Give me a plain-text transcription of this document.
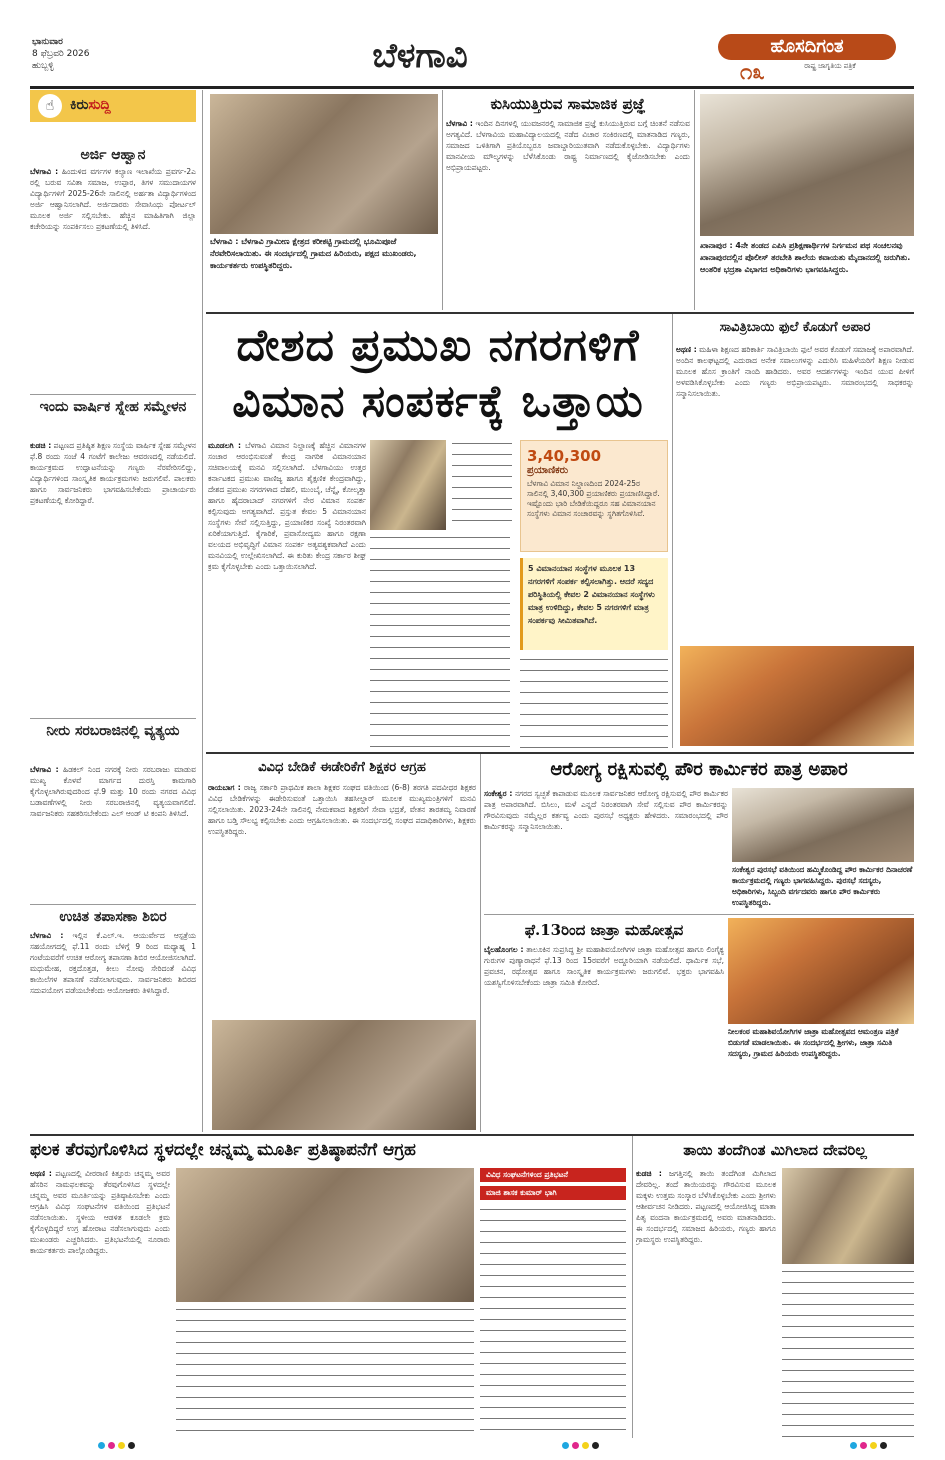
ಭಾನುವಾರ
8 ಫೆಬ್ರವರಿ 2026
ಹುಬ್ಬಳ್ಳಿ	ಬೆಳಗಾವಿ	ಹೊಸದಿಗಂತ
೧೩	ರಾಷ್ಟ್ರ ಜಾಗೃತಿಯ ಪತ್ರಿಕೆ
☝	ಕಿರುಸುದ್ದಿ
ಅರ್ಜಿ ಆಹ್ವಾನ
ಬೆಳಗಾವಿ : ಹಿಂದುಳಿದ ವರ್ಗಗಳ ಕಲ್ಯಾಣ ಇಲಾಖೆಯ ಪ್ರವರ್ಗ-2ಎ ರಲ್ಲಿ ಬರುವ ಸವಿತಾ ಸಮಾಜ, ಉಪ್ಪಾರ, ತಿಗಳ ಸಮುದಾಯಗಳ ವಿದ್ಯಾರ್ಥಿಗಳಿಗೆ 2025-26ನೇ ಸಾಲಿನಲ್ಲಿ ಅರ್ಹತಾ ವಿದ್ಯಾರ್ಥಿಗಳಿಂದ ಅರ್ಜಿ ಆಹ್ವಾನಿಸಲಾಗಿದೆ. ಅರ್ಜಿದಾರರು ಸೇವಾಸಿಂಧು ಪೋರ್ಟಲ್ ಮೂಲಕ ಅರ್ಜಿ ಸಲ್ಲಿಸಬೇಕು. ಹೆಚ್ಚಿನ ಮಾಹಿತಿಗಾಗಿ ಜಿಲ್ಲಾ ಕಚೇರಿಯನ್ನು ಸಂಪರ್ಕಿಸಲು ಪ್ರಕಟಣೆಯಲ್ಲಿ ತಿಳಿಸಿದೆ.
ಇಂದು ವಾರ್ಷಿಕ ಸ್ನೇಹ ಸಮ್ಮೇಳನ
ಕುಡಚಿ : ಪಟ್ಟಣದ ಪ್ರತಿಷ್ಠಿತ ಶಿಕ್ಷಣ ಸಂಸ್ಥೆಯ ವಾರ್ಷಿಕ ಸ್ನೇಹ ಸಮ್ಮೇಳನ ಫೆ.8 ರಂದು ಸಂಜೆ 4 ಗಂಟೆಗೆ ಕಾಲೇಜು ಆವರಣದಲ್ಲಿ ನಡೆಯಲಿದೆ. ಕಾರ್ಯಕ್ರಮದ ಉದ್ಘಾಟನೆಯನ್ನು ಗಣ್ಯರು ನೆರವೇರಿಸಲಿದ್ದು, ವಿದ್ಯಾರ್ಥಿಗಳಿಂದ ಸಾಂಸ್ಕೃತಿಕ ಕಾರ್ಯಕ್ರಮಗಳು ಜರುಗಲಿವೆ. ಪಾಲಕರು ಹಾಗೂ ಸಾರ್ವಜನಿಕರು ಭಾಗವಹಿಸಬೇಕೆಂದು ಪ್ರಾಚಾರ್ಯರು ಪ್ರಕಟಣೆಯಲ್ಲಿ ಕೋರಿದ್ದಾರೆ.
ನೀರು ಸರಬರಾಜಿನಲ್ಲಿ ವ್ಯತ್ಯಯ
ಬೆಳಗಾವಿ : ಹಿಡಕಲ್ ನಿಂದ ನಗರಕ್ಕೆ ನೀರು ಸರಬರಾಜು ಮಾಡುವ ಮುಖ್ಯ ಕೊಳವೆ ಮಾರ್ಗದ ದುರಸ್ತಿ ಕಾಮಗಾರಿ ಕೈಗೊಳ್ಳಲಾಗಿರುವುದರಿಂದ ಫೆ.9 ಮತ್ತು 10 ರಂದು ನಗರದ ವಿವಿಧ ಬಡಾವಣೆಗಳಲ್ಲಿ ನೀರು ಸರಬರಾಜಿನಲ್ಲಿ ವ್ಯತ್ಯಯವಾಗಲಿದೆ. ಸಾರ್ವಜನಿಕರು ಸಹಕರಿಸಬೇಕೆಂದು ಎಲ್ ಆಂಡ್ ಟಿ ಕಂಪನಿ ತಿಳಿಸಿದೆ.
ಉಚಿತ ತಪಾಸಣಾ ಶಿಬಿರ
ಬೆಳಗಾವಿ : ಇಲ್ಲಿನ ಕೆ.ಎಲ್.ಇ. ಆಯುರ್ವೇದ ಆಸ್ಪತ್ರೆಯ ಸಹಯೋಗದಲ್ಲಿ ಫೆ.11 ರಂದು ಬೆಳಿಗ್ಗೆ 9 ರಿಂದ ಮಧ್ಯಾಹ್ನ 1 ಗಂಟೆಯವರೆಗೆ ಉಚಿತ ಆರೋಗ್ಯ ತಪಾಸಣಾ ಶಿಬಿರ ಆಯೋಜಿಸಲಾಗಿದೆ. ಮಧುಮೇಹ, ರಕ್ತದೊತ್ತಡ, ಕೀಲು ನೋವು ಸೇರಿದಂತೆ ವಿವಿಧ ಕಾಯಿಲೆಗಳ ತಪಾಸಣೆ ನಡೆಸಲಾಗುವುದು. ಸಾರ್ವಜನಿಕರು ಶಿಬಿರದ ಸದುಪಯೋಗ ಪಡೆಯಬೇಕೆಂದು ಆಯೋಜಕರು ತಿಳಿಸಿದ್ದಾರೆ.
ಬೆಳಗಾವಿ : ಬೆಳಗಾವಿ ಗ್ರಾಮೀಣ ಕ್ಷೇತ್ರದ ಕರೀಕಟ್ಟಿ ಗ್ರಾಮದಲ್ಲಿ ಭೂಮಿಪೂಜೆ ನೆರವೇರಿಸಲಾಯಿತು. ಈ ಸಂದರ್ಭದಲ್ಲಿ ಗ್ರಾಮದ ಹಿರಿಯರು, ಪಕ್ಷದ ಮುಖಂಡರು, ಕಾರ್ಯಕರ್ತರು ಉಪಸ್ಥಿತರಿದ್ದರು.
ಕುಸಿಯುತ್ತಿರುವ ಸಾಮಾಜಿಕ ಪ್ರಜ್ಞೆ
ಬೆಳಗಾವಿ : ಇಂದಿನ ದಿನಗಳಲ್ಲಿ ಯುವಜನರಲ್ಲಿ ಸಾಮಾಜಿಕ ಪ್ರಜ್ಞೆ ಕುಸಿಯುತ್ತಿರುವ ಬಗ್ಗೆ ಚಿಂತನೆ ನಡೆಸುವ ಅಗತ್ಯವಿದೆ. ಬೆಳಗಾವಿಯ ಮಹಾವಿದ್ಯಾಲಯದಲ್ಲಿ ನಡೆದ ವಿಚಾರ ಸಂಕಿರಣದಲ್ಲಿ ಮಾತನಾಡಿದ ಗಣ್ಯರು, ಸಮಾಜದ ಒಳಿತಿಗಾಗಿ ಪ್ರತಿಯೊಬ್ಬರೂ ಜವಾಬ್ದಾರಿಯುತವಾಗಿ ನಡೆದುಕೊಳ್ಳಬೇಕು. ವಿದ್ಯಾರ್ಥಿಗಳು ಮಾನವೀಯ ಮೌಲ್ಯಗಳನ್ನು ಬೆಳೆಸಿಕೊಂಡು ರಾಷ್ಟ್ರ ನಿರ್ಮಾಣದಲ್ಲಿ ಕೈಜೋಡಿಸಬೇಕು ಎಂದು ಅಭಿಪ್ರಾಯಪಟ್ಟರು.
ಖಾನಾಪುರ : 4ನೇ ತಂಡದ ಎಪಿಸಿ ಪ್ರಶಿಕ್ಷಣಾರ್ಥಿಗಳ ನಿರ್ಗಮನ ಪಥ ಸಂಚಲನವು ಖಾನಾಪುರದಲ್ಲಿನ ಪೊಲೀಸ್ ತರಬೇತಿ ಶಾಲೆಯ ಕವಾಯತು ಮೈದಾನದಲ್ಲಿ ಜರುಗಿತು. ಆಂತರಿಕ ಭದ್ರತಾ ವಿಭಾಗದ ಅಧಿಕಾರಿಗಳು ಭಾಗವಹಿಸಿದ್ದರು.
ದೇಶದ ಪ್ರಮುಖ ನಗರಗಳಿಗೆ ವಿಮಾನ ಸಂಪರ್ಕಕ್ಕೆ ಒತ್ತಾಯ
ಮೂಡಲಗಿ : ಬೆಳಗಾವಿ ವಿಮಾನ ನಿಲ್ದಾಣಕ್ಕೆ ಹೆಚ್ಚಿನ ವಿಮಾನಗಳ ಸಂಚಾರ ಆರಂಭಿಸುವಂತೆ ಕೇಂದ್ರ ನಾಗರಿಕ ವಿಮಾನಯಾನ ಸಚಿವಾಲಯಕ್ಕೆ ಮನವಿ ಸಲ್ಲಿಸಲಾಗಿದೆ. ಬೆಳಗಾವಿಯು ಉತ್ತರ ಕರ್ನಾಟಕದ ಪ್ರಮುಖ ವಾಣಿಜ್ಯ ಹಾಗೂ ಶೈಕ್ಷಣಿಕ ಕೇಂದ್ರವಾಗಿದ್ದು, ದೇಶದ ಪ್ರಮುಖ ನಗರಗಳಾದ ದೆಹಲಿ, ಮುಂಬೈ, ಚೆನ್ನೈ, ಕೋಲ್ಕತ್ತಾ ಹಾಗೂ ಹೈದರಾಬಾದ್ ನಗರಗಳಿಗೆ ನೇರ ವಿಮಾನ ಸಂಪರ್ಕ ಕಲ್ಪಿಸುವುದು ಅಗತ್ಯವಾಗಿದೆ. ಪ್ರಸ್ತುತ ಕೇವಲ 5 ವಿಮಾನಯಾನ ಸಂಸ್ಥೆಗಳು ಸೇವೆ ಸಲ್ಲಿಸುತ್ತಿದ್ದು, ಪ್ರಯಾಣಿಕರ ಸಂಖ್ಯೆ ನಿರಂತರವಾಗಿ ಏರಿಕೆಯಾಗುತ್ತಿದೆ. ಕೈಗಾರಿಕೆ, ಪ್ರವಾಸೋದ್ಯಮ ಹಾಗೂ ರಕ್ಷಣಾ ವಲಯದ ಅಭಿವೃದ್ಧಿಗೆ ವಿಮಾನ ಸಂಪರ್ಕ ಅತ್ಯವಶ್ಯಕವಾಗಿದೆ ಎಂದು ಮನವಿಯಲ್ಲಿ ಉಲ್ಲೇಖಿಸಲಾಗಿದೆ. ಈ ಕುರಿತು ಕೇಂದ್ರ ಸರ್ಕಾರ ಶೀಘ್ರ ಕ್ರಮ ಕೈಗೊಳ್ಳಬೇಕು ಎಂದು ಒತ್ತಾಯಿಸಲಾಗಿದೆ.
3,40,300
ಪ್ರಯಾಣಿಕರು
ಬೆಳಗಾವಿ ವಿಮಾನ ನಿಲ್ದಾಣದಿಂದ 2024-25ರ ಸಾಲಿನಲ್ಲಿ 3,40,300 ಪ್ರಯಾಣಿಕರು ಪ್ರಯಾಣಿಸಿದ್ದಾರೆ. ಇಷ್ಟೊಂದು ಭಾರಿ ಬೇಡಿಕೆಯಿದ್ದರೂ ಸಹ ವಿಮಾನಯಾನ ಸಂಸ್ಥೆಗಳು ವಿಮಾನ ಸಂಚಾರವನ್ನು ಸ್ಥಗಿತಗೊಳಿಸಿವೆ.
5 ವಿಮಾನಯಾನ ಸಂಸ್ಥೆಗಳ ಮೂಲಕ 13 ನಗರಗಳಿಗೆ ಸಂಪರ್ಕ ಕಲ್ಪಿಸಲಾಗಿತ್ತು. ಆದರೆ ಸದ್ಯದ ಪರಿಸ್ಥಿತಿಯಲ್ಲಿ ಕೇವಲ 2 ವಿಮಾನಯಾನ ಸಂಸ್ಥೆಗಳು ಮಾತ್ರ ಉಳಿದಿದ್ದು, ಕೇವಲ 5 ನಗರಗಳಿಗೆ ಮಾತ್ರ ಸಂಪರ್ಕವು ಸೀಮಿತವಾಗಿದೆ.
ಸಾವಿತ್ರಿಬಾಯಿ ಫುಲೆ ಕೊಡುಗೆ ಅಪಾರ
ಅಥಣಿ : ಮಹಿಳಾ ಶಿಕ್ಷಣದ ಹರಿಕಾರ್ತಿ ಸಾವಿತ್ರಿಬಾಯಿ ಫುಲೆ ಅವರ ಕೊಡುಗೆ ಸಮಾಜಕ್ಕೆ ಅಪಾರವಾಗಿದೆ. ಅಂದಿನ ಕಾಲಘಟ್ಟದಲ್ಲಿ ಎದುರಾದ ಅನೇಕ ಸವಾಲುಗಳನ್ನು ಎದುರಿಸಿ ಮಹಿಳೆಯರಿಗೆ ಶಿಕ್ಷಣ ನೀಡುವ ಮೂಲಕ ಹೊಸ ಕ್ರಾಂತಿಗೆ ನಾಂದಿ ಹಾಡಿದರು. ಅವರ ಆದರ್ಶಗಳನ್ನು ಇಂದಿನ ಯುವ ಪೀಳಿಗೆ ಅಳವಡಿಸಿಕೊಳ್ಳಬೇಕು ಎಂದು ಗಣ್ಯರು ಅಭಿಪ್ರಾಯಪಟ್ಟರು. ಸಮಾರಂಭದಲ್ಲಿ ಸಾಧಕರನ್ನು ಸನ್ಮಾನಿಸಲಾಯಿತು.
ವಿವಿಧ ಬೇಡಿಕೆ ಈಡೇರಿಕೆಗೆ ಶಿಕ್ಷಕರ ಆಗ್ರಹ
ರಾಯಬಾಗ : ರಾಜ್ಯ ಸರ್ಕಾರಿ ಪ್ರಾಥಮಿಕ ಶಾಲಾ ಶಿಕ್ಷಕರ ಸಂಘದ ವತಿಯಿಂದ (6-8) ತರಗತಿ ಪದವೀಧರ ಶಿಕ್ಷಕರ ವಿವಿಧ ಬೇಡಿಕೆಗಳನ್ನು ಈಡೇರಿಸುವಂತೆ ಒತ್ತಾಯಿಸಿ ತಹಸೀಲ್ದಾರ್ ಮೂಲಕ ಮುಖ್ಯಮಂತ್ರಿಗಳಿಗೆ ಮನವಿ ಸಲ್ಲಿಸಲಾಯಿತು. 2023-24ನೇ ಸಾಲಿನಲ್ಲಿ ನೇಮಕವಾದ ಶಿಕ್ಷಕರಿಗೆ ಸೇವಾ ಭದ್ರತೆ, ವೇತನ ತಾರತಮ್ಯ ನಿವಾರಣೆ ಹಾಗೂ ಬಡ್ತಿ ಸೌಲಭ್ಯ ಕಲ್ಪಿಸಬೇಕು ಎಂದು ಆಗ್ರಹಿಸಲಾಯಿತು. ಈ ಸಂದರ್ಭದಲ್ಲಿ ಸಂಘದ ಪದಾಧಿಕಾರಿಗಳು, ಶಿಕ್ಷಕರು ಉಪಸ್ಥಿತರಿದ್ದರು.
ಆರೋಗ್ಯ ರಕ್ಷಿಸುವಲ್ಲಿ ಪೌರ ಕಾರ್ಮಿಕರ ಪಾತ್ರ ಅಪಾರ
ಸಂಕೇಶ್ವರ : ನಗರದ ಸ್ವಚ್ಛತೆ ಕಾಪಾಡುವ ಮೂಲಕ ಸಾರ್ವಜನಿಕರ ಆರೋಗ್ಯ ರಕ್ಷಿಸುವಲ್ಲಿ ಪೌರ ಕಾರ್ಮಿಕರ ಪಾತ್ರ ಅಪಾರವಾಗಿದೆ. ಬಿಸಿಲು, ಮಳೆ ಎನ್ನದೆ ನಿರಂತರವಾಗಿ ಸೇವೆ ಸಲ್ಲಿಸುವ ಪೌರ ಕಾರ್ಮಿಕರನ್ನು ಗೌರವಿಸುವುದು ನಮ್ಮೆಲ್ಲರ ಕರ್ತವ್ಯ ಎಂದು ಪುರಸಭೆ ಅಧ್ಯಕ್ಷರು ಹೇಳಿದರು. ಸಮಾರಂಭದಲ್ಲಿ ಪೌರ ಕಾರ್ಮಿಕರನ್ನು ಸನ್ಮಾನಿಸಲಾಯಿತು.
ಸಂಕೇಶ್ವರ ಪುರಸಭೆ ವತಿಯಿಂದ ಹಮ್ಮಿಕೊಂಡಿದ್ದ ಪೌರ ಕಾರ್ಮಿಕರ ದಿನಾಚರಣೆ ಕಾರ್ಯಕ್ರಮದಲ್ಲಿ ಗಣ್ಯರು ಭಾಗವಹಿಸಿದ್ದರು. ಪುರಸಭೆ ಸದಸ್ಯರು, ಅಧಿಕಾರಿಗಳು, ಸಿಬ್ಬಂದಿ ವರ್ಗದವರು ಹಾಗೂ ಪೌರ ಕಾರ್ಮಿಕರು ಉಪಸ್ಥಿತರಿದ್ದರು.
ಫೆ.13ರಿಂದ ಜಾತ್ರಾ ಮಹೋತ್ಸವ
ಬೈಲಹೊಂಗಲ : ತಾಲೂಕಿನ ಸುಪ್ರಸಿದ್ಧ ಶ್ರೀ ಮಹಾಶಿವಯೋಗಿಗಳ ಜಾತ್ರಾ ಮಹೋತ್ಸವ ಹಾಗೂ ಲಿಂಗೈಕ್ಯ ಗುರುಗಳ ಪುಣ್ಯಾರಾಧನೆ ಫೆ.13 ರಿಂದ 15ರವರೆಗೆ ಅದ್ದೂರಿಯಾಗಿ ನಡೆಯಲಿದೆ. ಧಾರ್ಮಿಕ ಸಭೆ, ಪ್ರವಚನ, ರಥೋತ್ಸವ ಹಾಗೂ ಸಾಂಸ್ಕೃತಿಕ ಕಾರ್ಯಕ್ರಮಗಳು ಜರುಗಲಿವೆ. ಭಕ್ತರು ಭಾಗವಹಿಸಿ ಯಶಸ್ವಿಗೊಳಿಸಬೇಕೆಂದು ಜಾತ್ರಾ ಸಮಿತಿ ಕೋರಿದೆ.
ನೀಲಕಂಠ ಮಹಾಶಿವಯೋಗಿಗಳ ಜಾತ್ರಾ ಮಹೋತ್ಸವದ ಆಮಂತ್ರಣ ಪತ್ರಿಕೆ ಬಿಡುಗಡೆ ಮಾಡಲಾಯಿತು. ಈ ಸಂದರ್ಭದಲ್ಲಿ ಶ್ರೀಗಳು, ಜಾತ್ರಾ ಸಮಿತಿ ಸದಸ್ಯರು, ಗ್ರಾಮದ ಹಿರಿಯರು ಉಪಸ್ಥಿತರಿದ್ದರು.
ಫಲಕ ತೆರವುಗೊಳಿಸಿದ ಸ್ಥಳದಲ್ಲೇ ಚನ್ನಮ್ಮ ಮೂರ್ತಿ ಪ್ರತಿಷ್ಠಾಪನೆಗೆ ಆಗ್ರಹ
ಅಥಣಿ : ಪಟ್ಟಣದಲ್ಲಿ ವೀರರಾಣಿ ಕಿತ್ತೂರು ಚನ್ನಮ್ಮ ಅವರ ಹೆಸರಿನ ನಾಮಫಲಕವನ್ನು ತೆರವುಗೊಳಿಸಿದ ಸ್ಥಳದಲ್ಲೇ ಚನ್ನಮ್ಮ ಅವರ ಮೂರ್ತಿಯನ್ನು ಪ್ರತಿಷ್ಠಾಪಿಸಬೇಕು ಎಂದು ಆಗ್ರಹಿಸಿ ವಿವಿಧ ಸಂಘಟನೆಗಳ ವತಿಯಿಂದ ಪ್ರತಿಭಟನೆ ನಡೆಸಲಾಯಿತು. ಸ್ಥಳೀಯ ಆಡಳಿತ ಕೂಡಲೇ ಕ್ರಮ ಕೈಗೊಳ್ಳದಿದ್ದರೆ ಉಗ್ರ ಹೋರಾಟ ನಡೆಸಲಾಗುವುದು ಎಂದು ಮುಖಂಡರು ಎಚ್ಚರಿಸಿದರು. ಪ್ರತಿಭಟನೆಯಲ್ಲಿ ನೂರಾರು ಕಾರ್ಯಕರ್ತರು ಪಾಲ್ಗೊಂಡಿದ್ದರು.
ವಿವಿಧ ಸಂಘಟನೆಗಳಿಂದ ಪ್ರತಿಭಟನೆ
ಮಾಜಿ ಶಾಸಕ ಕುಮಾರ್ ಭಾಗಿ
ತಾಯಿ ತಂದೆಗಿಂತ ಮಿಗಿಲಾದ ದೇವರಿಲ್ಲ
ಕುಡಚಿ : ಜಗತ್ತಿನಲ್ಲಿ ತಾಯಿ ತಂದೆಗಿಂತ ಮಿಗಿಲಾದ ದೇವರಿಲ್ಲ. ತಂದೆ ತಾಯಿಯರನ್ನು ಗೌರವಿಸುವ ಮೂಲಕ ಮಕ್ಕಳು ಉತ್ತಮ ಸಂಸ್ಕಾರ ಬೆಳೆಸಿಕೊಳ್ಳಬೇಕು ಎಂದು ಶ್ರೀಗಳು ಆಶೀರ್ವಚನ ನೀಡಿದರು. ಪಟ್ಟಣದಲ್ಲಿ ಆಯೋಜಿಸಿದ್ದ ಮಾತಾ ಪಿತೃ ವಂದನಾ ಕಾರ್ಯಕ್ರಮದಲ್ಲಿ ಅವರು ಮಾತನಾಡಿದರು. ಈ ಸಂದರ್ಭದಲ್ಲಿ ಸಮಾಜದ ಹಿರಿಯರು, ಗಣ್ಯರು ಹಾಗೂ ಗ್ರಾಮಸ್ಥರು ಉಪಸ್ಥಿತರಿದ್ದರು.
